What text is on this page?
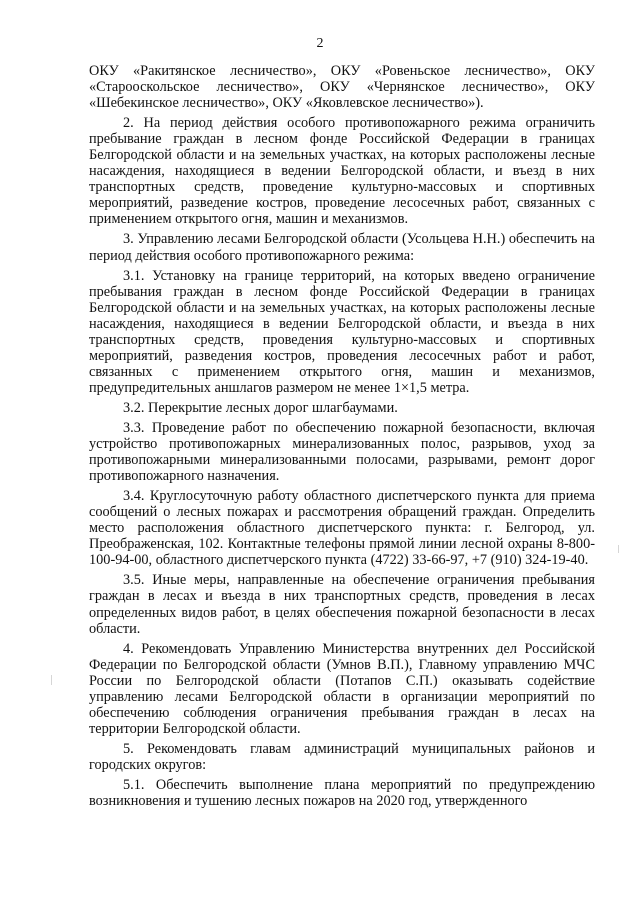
2

ОКУ «Ракитянское лесничество», ОКУ «Ровеньское лесничество», ОКУ «Старооскольское лесничество», ОКУ «Чернянское лесничество», ОКУ «Шебекинское лесничество», ОКУ «Яковлевское лесничество»).

2. На период действия особого противопожарного режима ограничить пребывание граждан в лесном фонде Российской Федерации в границах Белгородской области и на земельных участках, на которых расположены лесные насаждения, находящиеся в ведении Белгородской области, и въезд в них транспортных средств, проведение культурно-массовых и спортивных мероприятий, разведение костров, проведение лесосечных работ, связанных с применением открытого огня, машин и механизмов.

3. Управлению лесами Белгородской области (Усольцева Н.Н.) обеспечить на период действия особого противопожарного режима:

3.1. Установку на границе территорий, на которых введено ограничение пребывания граждан в лесном фонде Российской Федерации в границах Белгородской области и на земельных участках, на которых расположены лесные насаждения, находящиеся в ведении Белгородской области, и въезда в них транспортных средств, проведения культурно-массовых и спортивных мероприятий, разведения костров, проведения лесосечных работ и работ, связанных с применением открытого огня, машин и механизмов, предупредительных аншлагов размером не менее 1×1,5 метра.

3.2. Перекрытие лесных дорог шлагбаумами.

3.3. Проведение работ по обеспечению пожарной безопасности, включая устройство противопожарных минерализованных полос, разрывов, уход за противопожарными минерализованными полосами, разрывами, ремонт дорог противопожарного назначения.

3.4. Круглосуточную работу областного диспетчерского пункта для приема сообщений о лесных пожарах и рассмотрения обращений граждан. Определить место расположения областного диспетчерского пункта: г. Белгород, ул. Преображенская, 102. Контактные телефоны прямой линии лесной охраны 8-800-100-94-00, областного диспетчерского пункта (4722) 33-66-97, +7 (910) 324-19-40.

3.5. Иные меры, направленные на обеспечение ограничения пребывания граждан в лесах и въезда в них транспортных средств, проведения в лесах определенных видов работ, в целях обеспечения пожарной безопасности в лесах области.

4. Рекомендовать Управлению Министерства внутренних дел Российской Федерации по Белгородской области (Умнов В.П.), Главному управлению МЧС России по Белгородской области (Потапов С.П.) оказывать содействие управлению лесами Белгородской области в организации мероприятий по обеспечению соблюдения ограничения пребывания граждан в лесах на территории Белгородской области.

5. Рекомендовать главам администраций муниципальных районов и городских округов:

5.1. Обеспечить выполнение плана мероприятий по предупреждению возникновения и тушению лесных пожаров на 2020 год, утвержденного
